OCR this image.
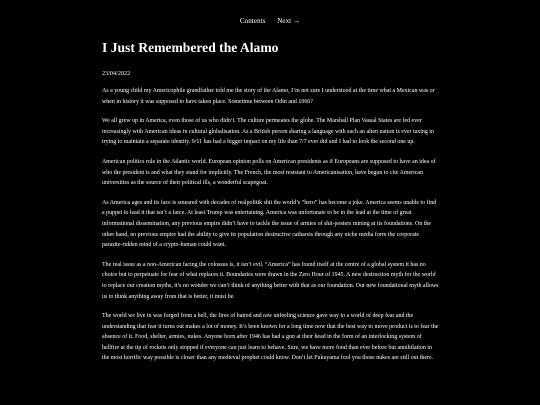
Contents Next →
I Just Remembered the Alamo
23/04/2022

As a young child my Americophile grandfather told me the story of the Alamo, I’m not sure I understood at the time what a Mexican was or when in history it was supposed to have taken place. Sometime between Odin and 1066?

We all grew up in America, even those of us who didn’t. The culture permeates the globe. The Marshall Plan Vassal States are fed ever increasingly with American ideas in cultural globalisation. As a British person sharing a language with such an alien nation is ever taxing in trying to maintain a separate identity. 9/11 has had a bigger impact on my life than 7/7 ever did and I had to look the second one up.

American politics rule in the Atlantic world. European opinion polls on American presidents as if Europeans are supposed to have an idea of who the president is and what they stand for implicitly. The French, the most resistant to Americanisation, have begun to cite American universities as the source of their political ills, a wonderful scapegoat.

As America ages and its face is smeared with decades of realpolitik shit the world’s “hero” has become a joke. America seems unable to find a puppet to lead it that isn’t a farce. At least Trump was entertaining. America was unfortunate to be in the lead at the time of great informational dissemination, any previous empire didn’t have to tackle the issue of armies of shit-posters mining at its foundations. On the other hand, no previous empire had the ability to give its population destructive catharsis through any niche media form the corporate parasite-ridden mind of a crypto-human could want.

The real issue as a non-American facing the colossus is, it isn’t evil. “America” has found itself at the centre of a global system it has no choice but to perpetuate for fear of what replaces it. Boundaries were drawn in the Zero Hour of 1945. A new destruction myth for the world to replace our creation myths, it’s no wonder we can’t think of anything better with that as our foundation. Our new foundational myth allows us to think anything away from that is better, it must be.

The world we live in was forged from a hell, the fires of hatred and raw unfeeling science gave way to a world of deep fear and the understanding that fear it turns out makes a lot of money. It’s been known for a long time now that the best way to move product is to fear the absence of it. Food, shelter, armies, nukes. Anyone born after 1946 has had a gun at their head in the form of an interlocking system of hellfire at the tip of rockets only stopped if everyone can just learn to behave. Sure, we have more food than ever before but annihilation in the most horrific way possible is closer than any medieval prophet could know. Don’t let Fukuyama fool you those nukes are still out there.
